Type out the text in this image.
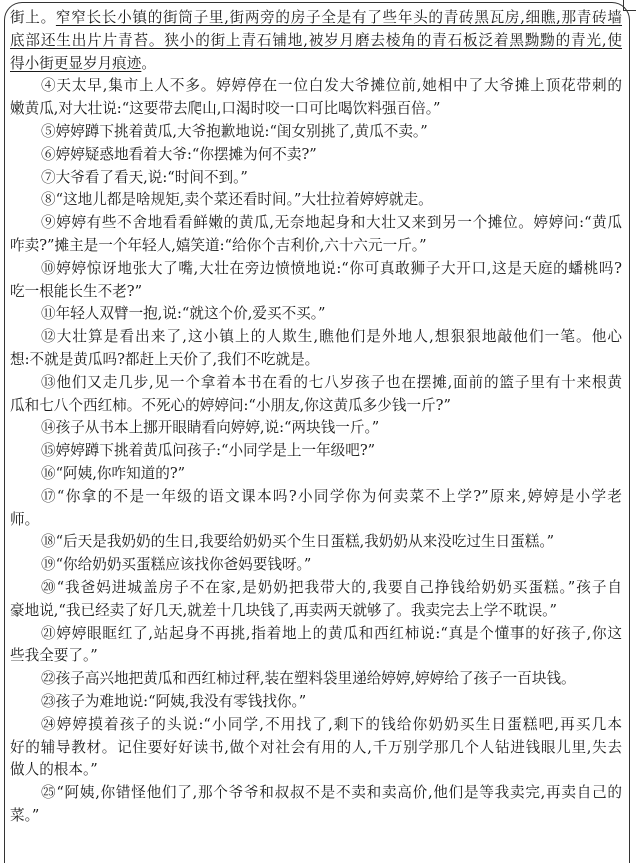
街上。窄窄长长小镇的街筒子里,街两旁的房子全是有了些年头的青砖黑瓦房,细瞧,那青砖墙
底部还生出片片青苔。狭小的街上青石铺地,被岁月磨去棱角的青石板泛着黑黝黝的青光,使
得小街更显岁月痕迹。
④天太早,集市上人不多。婷婷停在一位白发大爷摊位前,她相中了大爷摊上顶花带刺的
嫩黄瓜,对大壮说:“这要带去爬山,口渴时咬一口可比喝饮料强百倍。”
⑤婷婷蹲下挑着黄瓜,大爷抱歉地说:“闺女别挑了,黄瓜不卖。”
⑥婷婷疑惑地看着大爷:“你摆摊为何不卖?”
⑦大爷看了看天,说:“时间不到。”
⑧“这地儿都是啥规矩,卖个菜还看时间。”大壮拉着婷婷就走。
⑨婷婷有些不舍地看看鲜嫩的黄瓜,无奈地起身和大壮又来到另一个摊位。婷婷问:“黄瓜
咋卖?”摊主是一个年轻人,嬉笑道:“给你个吉利价,六十六元一斤。”
⑩婷婷惊讶地张大了嘴,大壮在旁边愤愤地说:“你可真敢狮子大开口,这是天庭的蟠桃吗?
吃一根能长生不老?”
⑪年轻人双臂一抱,说:“就这个价,爱买不买。”
⑫大壮算是看出来了,这小镇上的人欺生,瞧他们是外地人,想狠狠地敲他们一笔。他心
想:不就是黄瓜吗?都赶上天价了,我们不吃就是。
⑬他们又走几步,见一个拿着本书在看的七八岁孩子也在摆摊,面前的篮子里有十来根黄
瓜和七八个西红柿。不死心的婷婷问:“小朋友,你这黄瓜多少钱一斤?”
⑭孩子从书本上挪开眼睛看向婷婷,说:“两块钱一斤。”
⑮婷婷蹲下挑着黄瓜问孩子:“小同学是上一年级吧?”
⑯“阿姨,你咋知道的?”
⑰“你拿的不是一年级的语文课本吗?小同学你为何卖菜不上学?”原来,婷婷是小学老
师。
⑱“后天是我奶奶的生日,我要给奶奶买个生日蛋糕,我奶奶从来没吃过生日蛋糕。”
⑲“你给奶奶买蛋糕应该找你爸妈要钱呀。”
⑳“我爸妈进城盖房子不在家,是奶奶把我带大的,我要自己挣钱给奶奶买蛋糕。”孩子自
豪地说,“我已经卖了好几天,就差十几块钱了,再卖两天就够了。我卖完去上学不耽误。”
㉑婷婷眼眶红了,站起身不再挑,指着地上的黄瓜和西红柿说:“真是个懂事的好孩子,你这
些我全要了。”
㉒孩子高兴地把黄瓜和西红柿过秤,装在塑料袋里递给婷婷,婷婷给了孩子一百块钱。
㉓孩子为难地说:“阿姨,我没有零钱找你。”
㉔婷婷摸着孩子的头说:“小同学,不用找了,剩下的钱给你奶奶买生日蛋糕吧,再买几本
好的辅导教材。记住要好好读书,做个对社会有用的人,千万别学那几个人钻进钱眼儿里,失去
做人的根本。”
㉕“阿姨,你错怪他们了,那个爷爷和叔叔不是不卖和卖高价,他们是等我卖完,再卖自己的
菜。”
